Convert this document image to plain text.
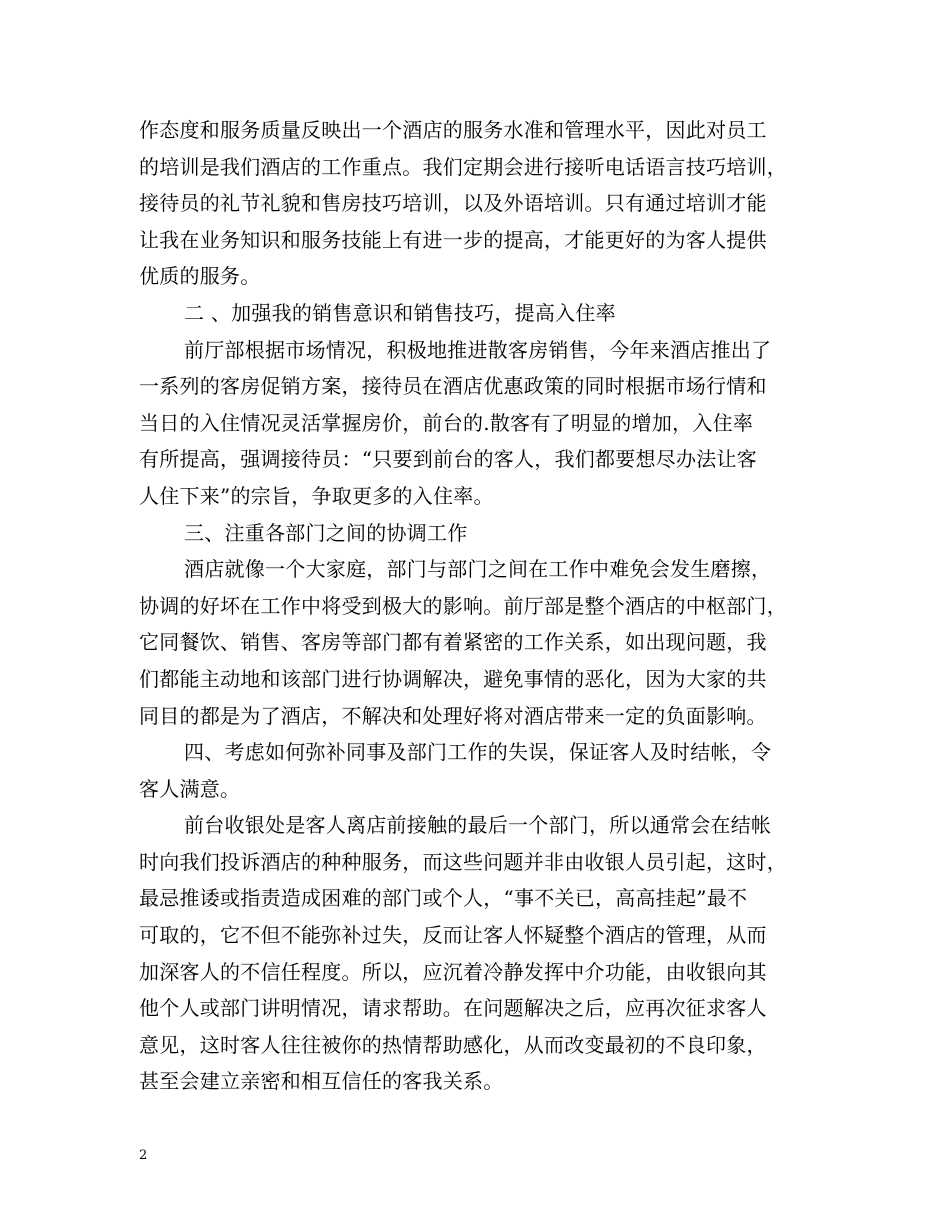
作态度和服务质量反映出一个酒店的服务水准和管理水平，因此对员工
的培训是我们酒店的工作重点。我们定期会进行接听电话语言技巧培训，
接待员的礼节礼貌和售房技巧培训，以及外语培训。只有通过培训才能
让我在业务知识和服务技能上有进一步的提高，才能更好的为客人提供
优质的服务。
二 、加强我的销售意识和销售技巧，提高入住率
前厅部根据市场情况，积极地推进散客房销售，今年来酒店推出了
一系列的客房促销方案，接待员在酒店优惠政策的同时根据市场行情和
当日的入住情况灵活掌握房价，前台的.散客有了明显的增加，入住率
有所提高，强调接待员：“只要到前台的客人，我们都要想尽办法让客
人住下来”的宗旨，争取更多的入住率。
三、注重各部门之间的协调工作
酒店就像一个大家庭，部门与部门之间在工作中难免会发生磨擦，
协调的好坏在工作中将受到极大的影响。前厅部是整个酒店的中枢部门，
它同餐饮、销售、客房等部门都有着紧密的工作关系，如出现问题，我
们都能主动地和该部门进行协调解决，避免事情的恶化，因为大家的共
同目的都是为了酒店，不解决和处理好将对酒店带来一定的负面影响。
四、考虑如何弥补同事及部门工作的失误，保证客人及时结帐，令
客人满意。
前台收银处是客人离店前接触的最后一个部门，所以通常会在结帐
时向我们投诉酒店的种种服务，而这些问题并非由收银人员引起，这时，
最忌推诿或指责造成困难的部门或个人，“事不关已，高高挂起”最不
可取的，它不但不能弥补过失，反而让客人怀疑整个酒店的管理，从而
加深客人的不信任程度。所以，应沉着冷静发挥中介功能，由收银向其
他个人或部门讲明情况，请求帮助。在问题解决之后，应再次征求客人
意见，这时客人往往被你的热情帮助感化，从而改变最初的不良印象，
甚至会建立亲密和相互信任的客我关系。
2
